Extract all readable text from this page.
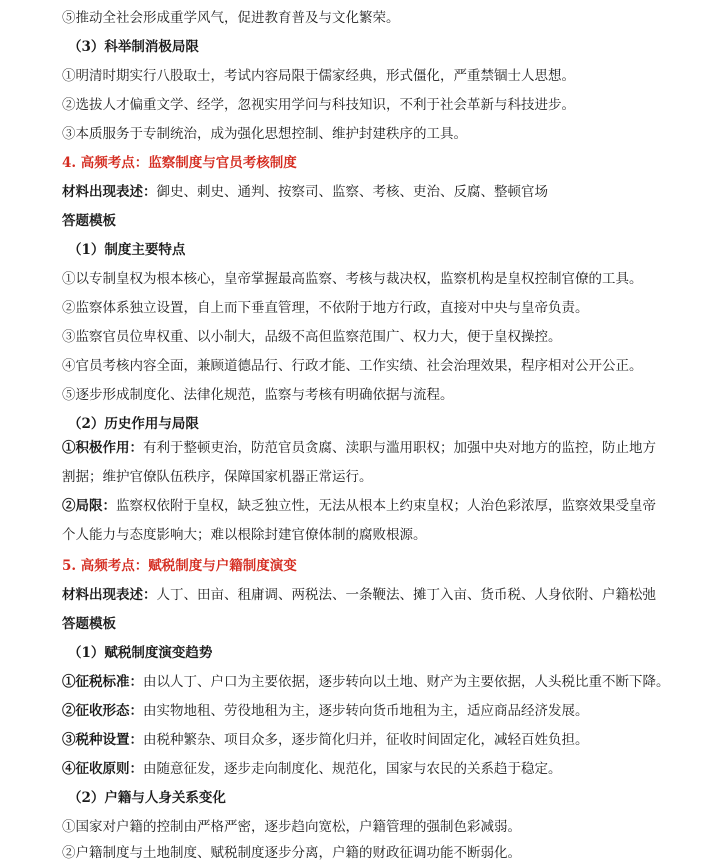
⑤推动全社会形成重学风气，促进教育普及与文化繁荣。
（3）科举制消极局限
①明清时期实行八股取士，考试内容局限于儒家经典，形式僵化，严重禁锢士人思想。
②选拔人才偏重文学、经学，忽视实用学问与科技知识，不利于社会革新与科技进步。
③本质服务于专制统治，成为强化思想控制、维护封建秩序的工具。
4. 高频考点：监察制度与官员考核制度
材料出现表述：御史、刺史、通判、按察司、监察、考核、吏治、反腐、整顿官场
答题模板
（1）制度主要特点
①以专制皇权为根本核心，皇帝掌握最高监察、考核与裁决权，监察机构是皇权控制官僚的工具。
②监察体系独立设置，自上而下垂直管理，不依附于地方行政，直接对中央与皇帝负责。
③监察官员位卑权重、以小制大，品级不高但监察范围广、权力大，便于皇权操控。
④官员考核内容全面，兼顾道德品行、行政才能、工作实绩、社会治理效果，程序相对公开公正。
⑤逐步形成制度化、法律化规范，监察与考核有明确依据与流程。
（2）历史作用与局限
①积极作用：有利于整顿吏治，防范官员贪腐、渎职与滥用职权；加强中央对地方的监控，防止地方割据；维护官僚队伍秩序，保障国家机器正常运行。
②局限：监察权依附于皇权，缺乏独立性，无法从根本上约束皇权；人治色彩浓厚，监察效果受皇帝个人能力与态度影响大；难以根除封建官僚体制的腐败根源。
5. 高频考点：赋税制度与户籍制度演变
材料出现表述：人丁、田亩、租庸调、两税法、一条鞭法、摊丁入亩、货币税、人身依附、户籍松弛
答题模板
（1）赋税制度演变趋势
①征税标准：由以人丁、户口为主要依据，逐步转向以土地、财产为主要依据，人头税比重不断下降。
②征收形态：由实物地租、劳役地租为主，逐步转向货币地租为主，适应商品经济发展。
③税种设置：由税种繁杂、项目众多，逐步简化归并，征收时间固定化，减轻百姓负担。
④征收原则：由随意征发，逐步走向制度化、规范化，国家与农民的关系趋于稳定。
（2）户籍与人身关系变化
①国家对户籍的控制由严格严密，逐步趋向宽松，户籍管理的强制色彩减弱。
②户籍制度与土地制度、赋税制度逐步分离，户籍的财政征调功能不断弱化。
